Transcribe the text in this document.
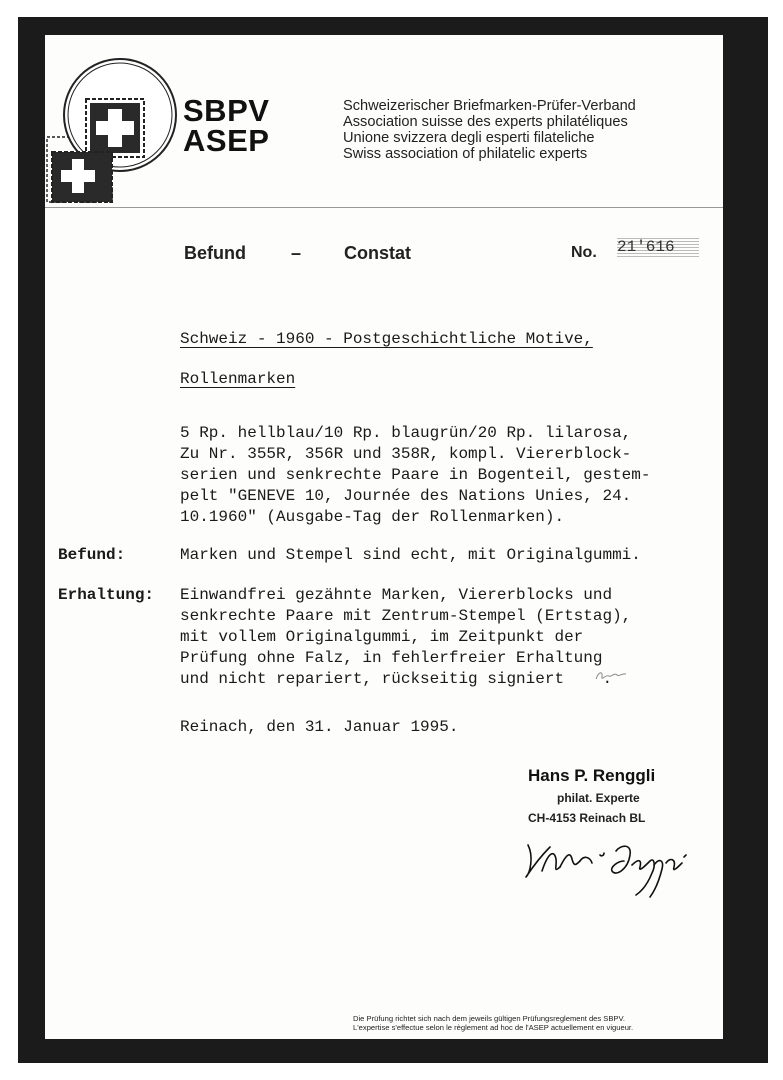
SBPV
ASEP
Schweizerischer Briefmarken-Prüfer-Verband
Association suisse des experts philatéliques
Unione svizzera degli esperti filateliche
Swiss association of philatelic experts
Befund	– Constat	No. 21'616
Schweiz - 1960 - Postgeschichtliche Motive,
Rollenmarken
5 Rp. hellblau/10 Rp. blaugrün/20 Rp. lilarosa,
Zu Nr. 355R, 356R und 358R, kompl. Viererblock-
serien und senkrechte Paare in Bogenteil, gestem-
pelt "GENEVE 10, Journée des Nations Unies, 24.
10.1960" (Ausgabe-Tag der Rollenmarken).
Befund:	Marken und Stempel sind echt, mit Originalgummi.
Erhaltung: Einwandfrei gezähnte Marken, Viererblocks und
senkrechte Paare mit Zentrum-Stempel (Ertstag),
mit vollem Originalgummi, im Zeitpunkt der
Prüfung ohne Falz, in fehlerfreier Erhaltung
und nicht repariert, rückseitig signiert    .
Reinach, den 31. Januar 1995.
Hans P. Renggli
philat. Experte
CH-4153 Reinach BL
Die Prüfung richtet sich nach dem jeweils gültigen Prüfungsreglement des SBPV.
L'expertise s'effectue selon le règlement ad hoc de l'ASEP actuellement en vigueur.
